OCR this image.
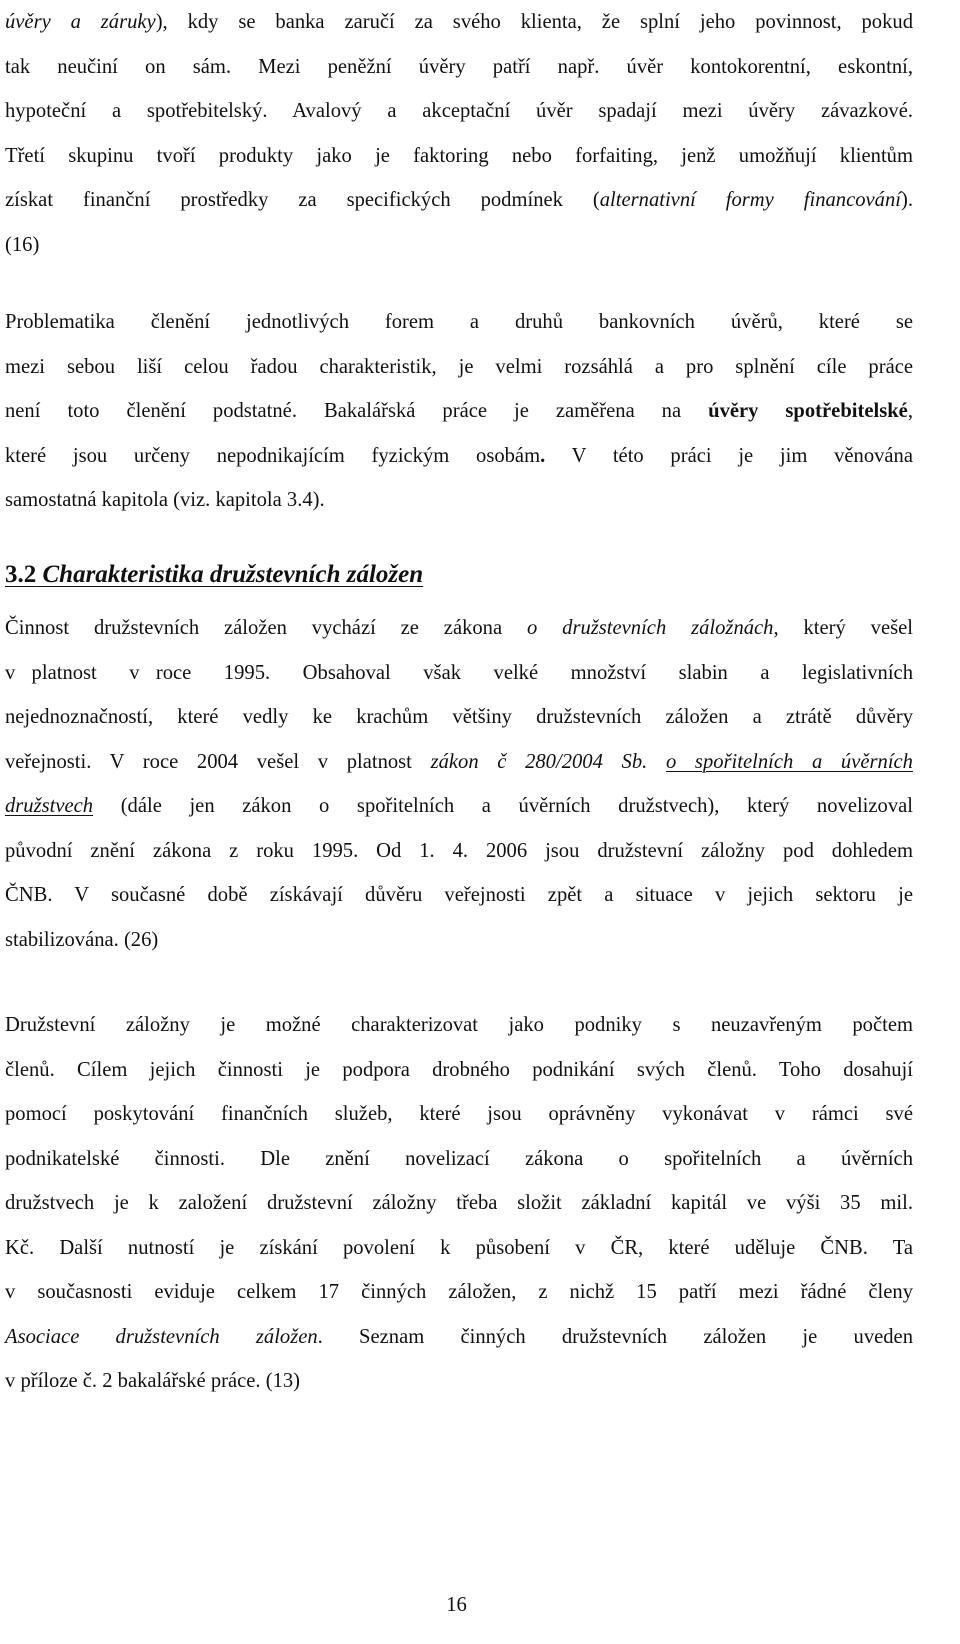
úvěry a záruky), kdy se banka zaručí za svého klienta, že splní jeho povinnost, pokud
tak neučiní on sám. Mezi peněžní úvěry patří např. úvěr kontokorentní, eskontní,
hypoteční a spotřebitelský. Avalový a akceptační úvěr spadají mezi úvěry závazkové.
Třetí skupinu tvoří produkty jako je faktoring nebo forfaiting, jenž umožňují klientům
získat finanční prostředky za specifických podmínek (alternativní formy financování).
(16)
Problematika členění jednotlivých forem a druhů bankovních úvěrů, které se
mezi sebou liší celou řadou charakteristik, je velmi rozsáhlá a pro splnění cíle práce
není toto členění podstatné. Bakalářská práce je zaměřena na úvěry spotřebitelské,
které jsou určeny nepodnikajícím fyzickým osobám. V této práci je jim věnována
samostatná kapitola (viz. kapitola 3.4).
3.2 Charakteristika družstevních záložen
Činnost družstevních záložen vychází ze zákona o družstevních záložnách, který vešel
v platnost  v roce  1995.  Obsahoval  však  velké  množství  slabin  a  legislativních
nejednoznačností, které vedly ke krachům většiny družstevních záložen a ztrátě důvěry
veřejnosti. V roce 2004 vešel v platnost zákon č 280/2004 Sb. o spořitelních a úvěrních
družstvech (dále jen zákon o spořitelních a úvěrních družstvech), který novelizoval
původní znění zákona z roku 1995. Od 1. 4. 2006 jsou družstevní záložny pod dohledem
ČNB. V současné době získávají důvěru veřejnosti zpět a situace v jejich sektoru je
stabilizována. (26)
Družstevní záložny je možné charakterizovat jako podniky s neuzavřeným počtem
členů. Cílem jejich činnosti je podpora drobného podnikání svých členů. Toho dosahují
pomocí poskytování finančních služeb, které jsou oprávněny vykonávat v rámci své
podnikatelské činnosti. Dle znění novelizací zákona o spořitelních a úvěrních
družstvech je k založení družstevní záložny třeba složit základní kapitál ve výši 35 mil.
Kč. Další nutností je získání povolení k působení v ČR, které uděluje ČNB. Ta
v současnosti eviduje celkem 17 činných záložen, z nichž 15 patří mezi řádné členy
Asociace družstevních záložen. Seznam činných družstevních záložen je uveden
v příloze č. 2 bakalářské práce. (13)
16
